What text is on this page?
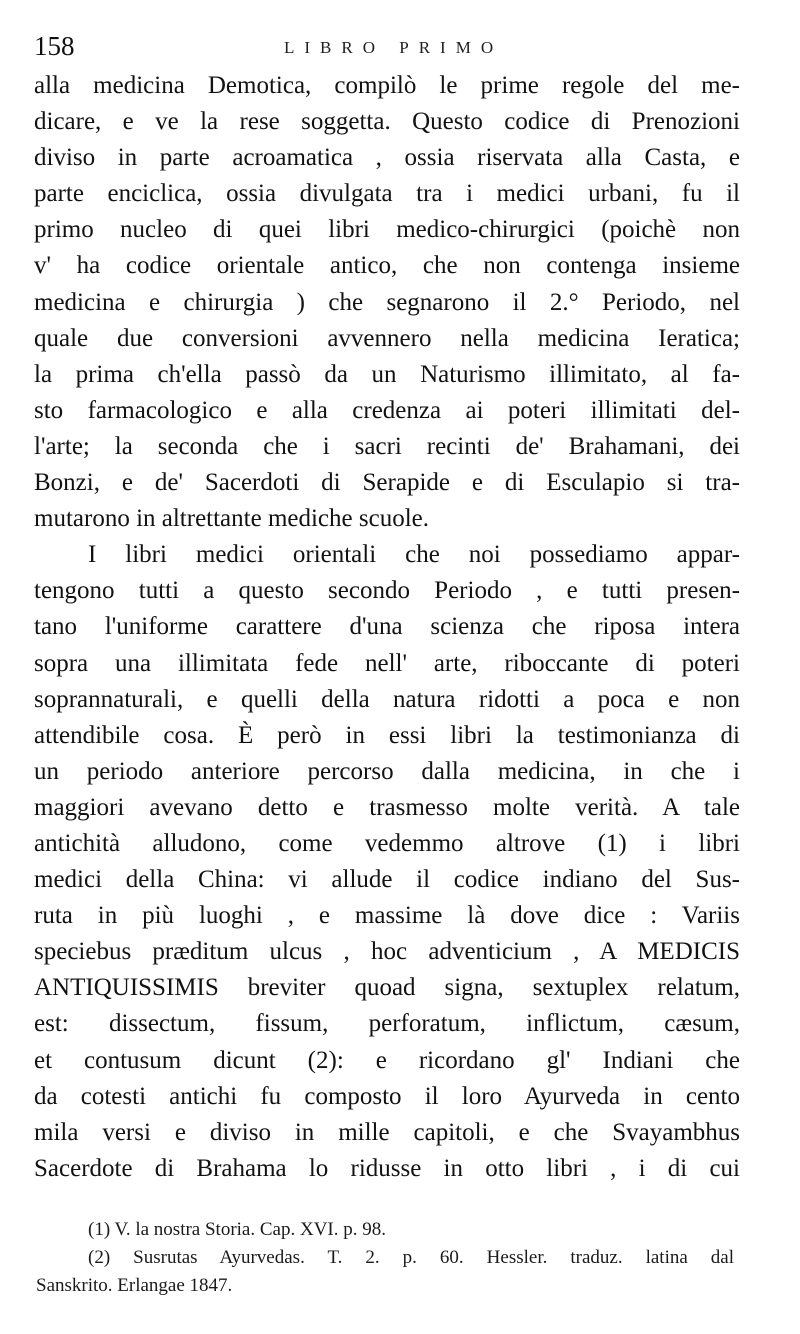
158	LIBRO PRIMO
alla medicina Demotica, compilò le prime regole del me-
dicare, e ve la rese soggetta. Questo codice di Prenozioni
diviso in parte acroamatica , ossia riservata alla Casta, e
parte enciclica, ossia divulgata tra i medici urbani, fu il
primo nucleo di quei libri medico-chirurgici (poichè non
v' ha codice orientale antico, che non contenga insieme
medicina e chirurgia ) che segnarono il 2.° Periodo, nel
quale due conversioni avvennero nella medicina Ieratica;
la prima ch'ella passò da un Naturismo illimitato, al fa-
sto farmacologico e alla credenza ai poteri illimitati del-
l'arte; la seconda che i sacri recinti de' Brahamani, dei
Bonzi, e de' Sacerdoti di Serapide e di Esculapio si tra-
mutarono in altrettante mediche scuole.
I libri medici orientali che noi possediamo appar-
tengono tutti a questo secondo Periodo , e tutti presen-
tano l'uniforme carattere d'una scienza che riposa intera
sopra una illimitata fede nell' arte, riboccante di poteri
soprannaturali, e quelli della natura ridotti a poca e non
attendibile cosa. È però in essi libri la testimonianza di
un periodo anteriore percorso dalla medicina, in che i
maggiori avevano detto e trasmesso molte verità. A tale
antichità alludono, come vedemmo altrove (1) i libri
medici della China: vi allude il codice indiano del Sus-
ruta in più luoghi , e massime là dove dice : Variis
speciebus præditum ulcus , hoc adventicium , A MEDICIS
ANTIQUISSIMIS breviter quoad signa, sextuplex relatum,
est: dissectum, fissum, perforatum, inflictum, cæsum,
et contusum dicunt (2): e ricordano gl' Indiani che
da cotesti antichi fu composto il loro Ayurveda in cento
mila versi e diviso in mille capitoli, e che Svayambhus
Sacerdote di Brahama lo ridusse in otto libri , i di cui
(1) V. la nostra Storia. Cap. XVI. p. 98.
(2) Susrutas Ayurvedas. T. 2. p. 60. Hessler. traduz. latina dal
Sanskrito. Erlangae 1847.
